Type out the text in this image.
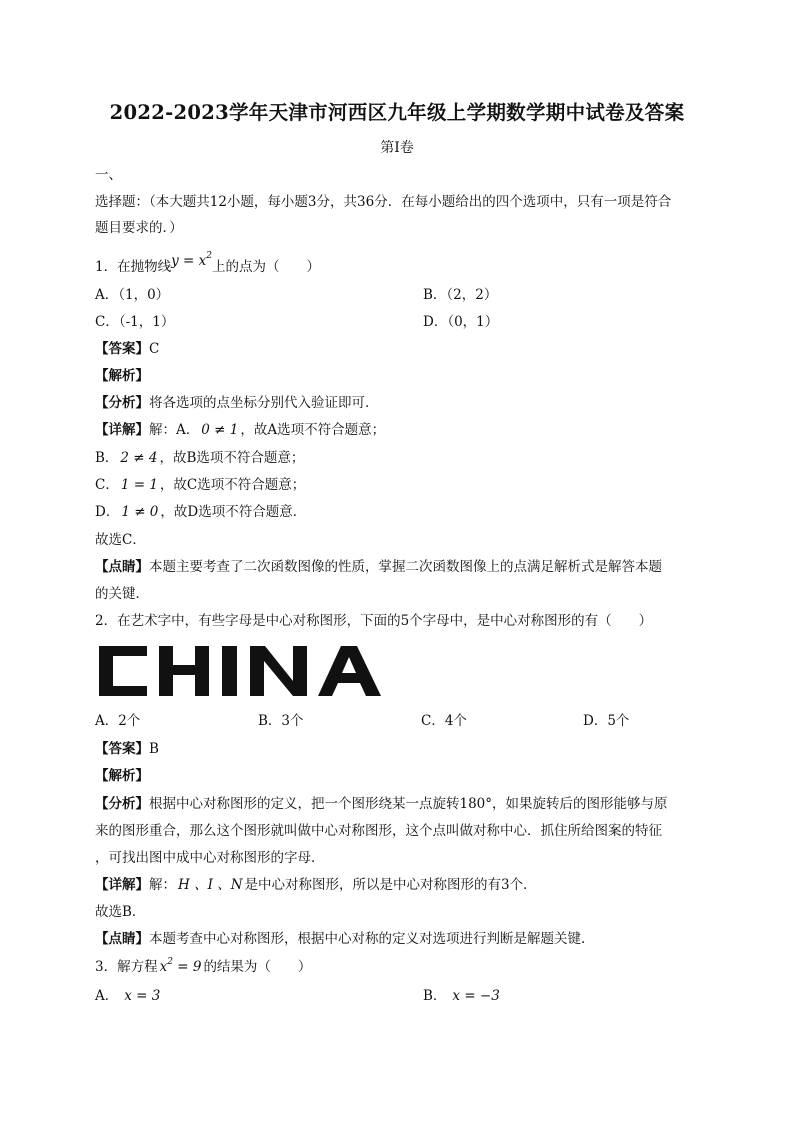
2022-2023学年天津市河西区九年级上学期数学期中试卷及答案
第Ⅰ卷
一、
选择题：（本大题共12小题，每小题3分，共36分．在每小题给出的四个选项中，只有一项是符合
题目要求的．）
1．在抛物线$y = x^2$上的点为（　　）
A．（1，0）	B．（2，2）
C．（-1，1）	D．（0，1）
【答案】C
【解析】
【分析】将各选项的点坐标分别代入验证即可．
【详解】解：A． 0 ≠ 1 ，故A选项不符合题意；
B． 2 ≠ 4 ，故B选项不符合题意；
C． 1 = 1 ，故C选项不符合题意；
D． 1 ≠ 0 ，故D选项不符合题意．
故选C．
【点睛】本题主要考查了二次函数图像的性质，掌握二次函数图像上的点满足解析式是解答本题
的关键．
2．在艺术字中，有些字母是中心对称图形，下面的5个字母中，是中心对称图形的有（　　）
A．2个	B．3个	C．4个	D．5个
【答案】B
【解析】
【分析】根据中心对称图形的定义，把一个图形绕某一点旋转180°，如果旋转后的图形能够与原
来的图形重合，那么这个图形就叫做中心对称图形，这个点叫做对称中心．抓住所给图案的特征
，可找出图中成中心对称图形的字母．
【详解】解： H 、I 、N 是中心对称图形，所以是中心对称图形的有3个．
故选B．
【点睛】本题考查中心对称图形，根据中心对称的定义对选项进行判断是解题关键.
3．解方程 $x^2 = 9$ 的结果为（　　）
A． x = 3	B． x = −3
